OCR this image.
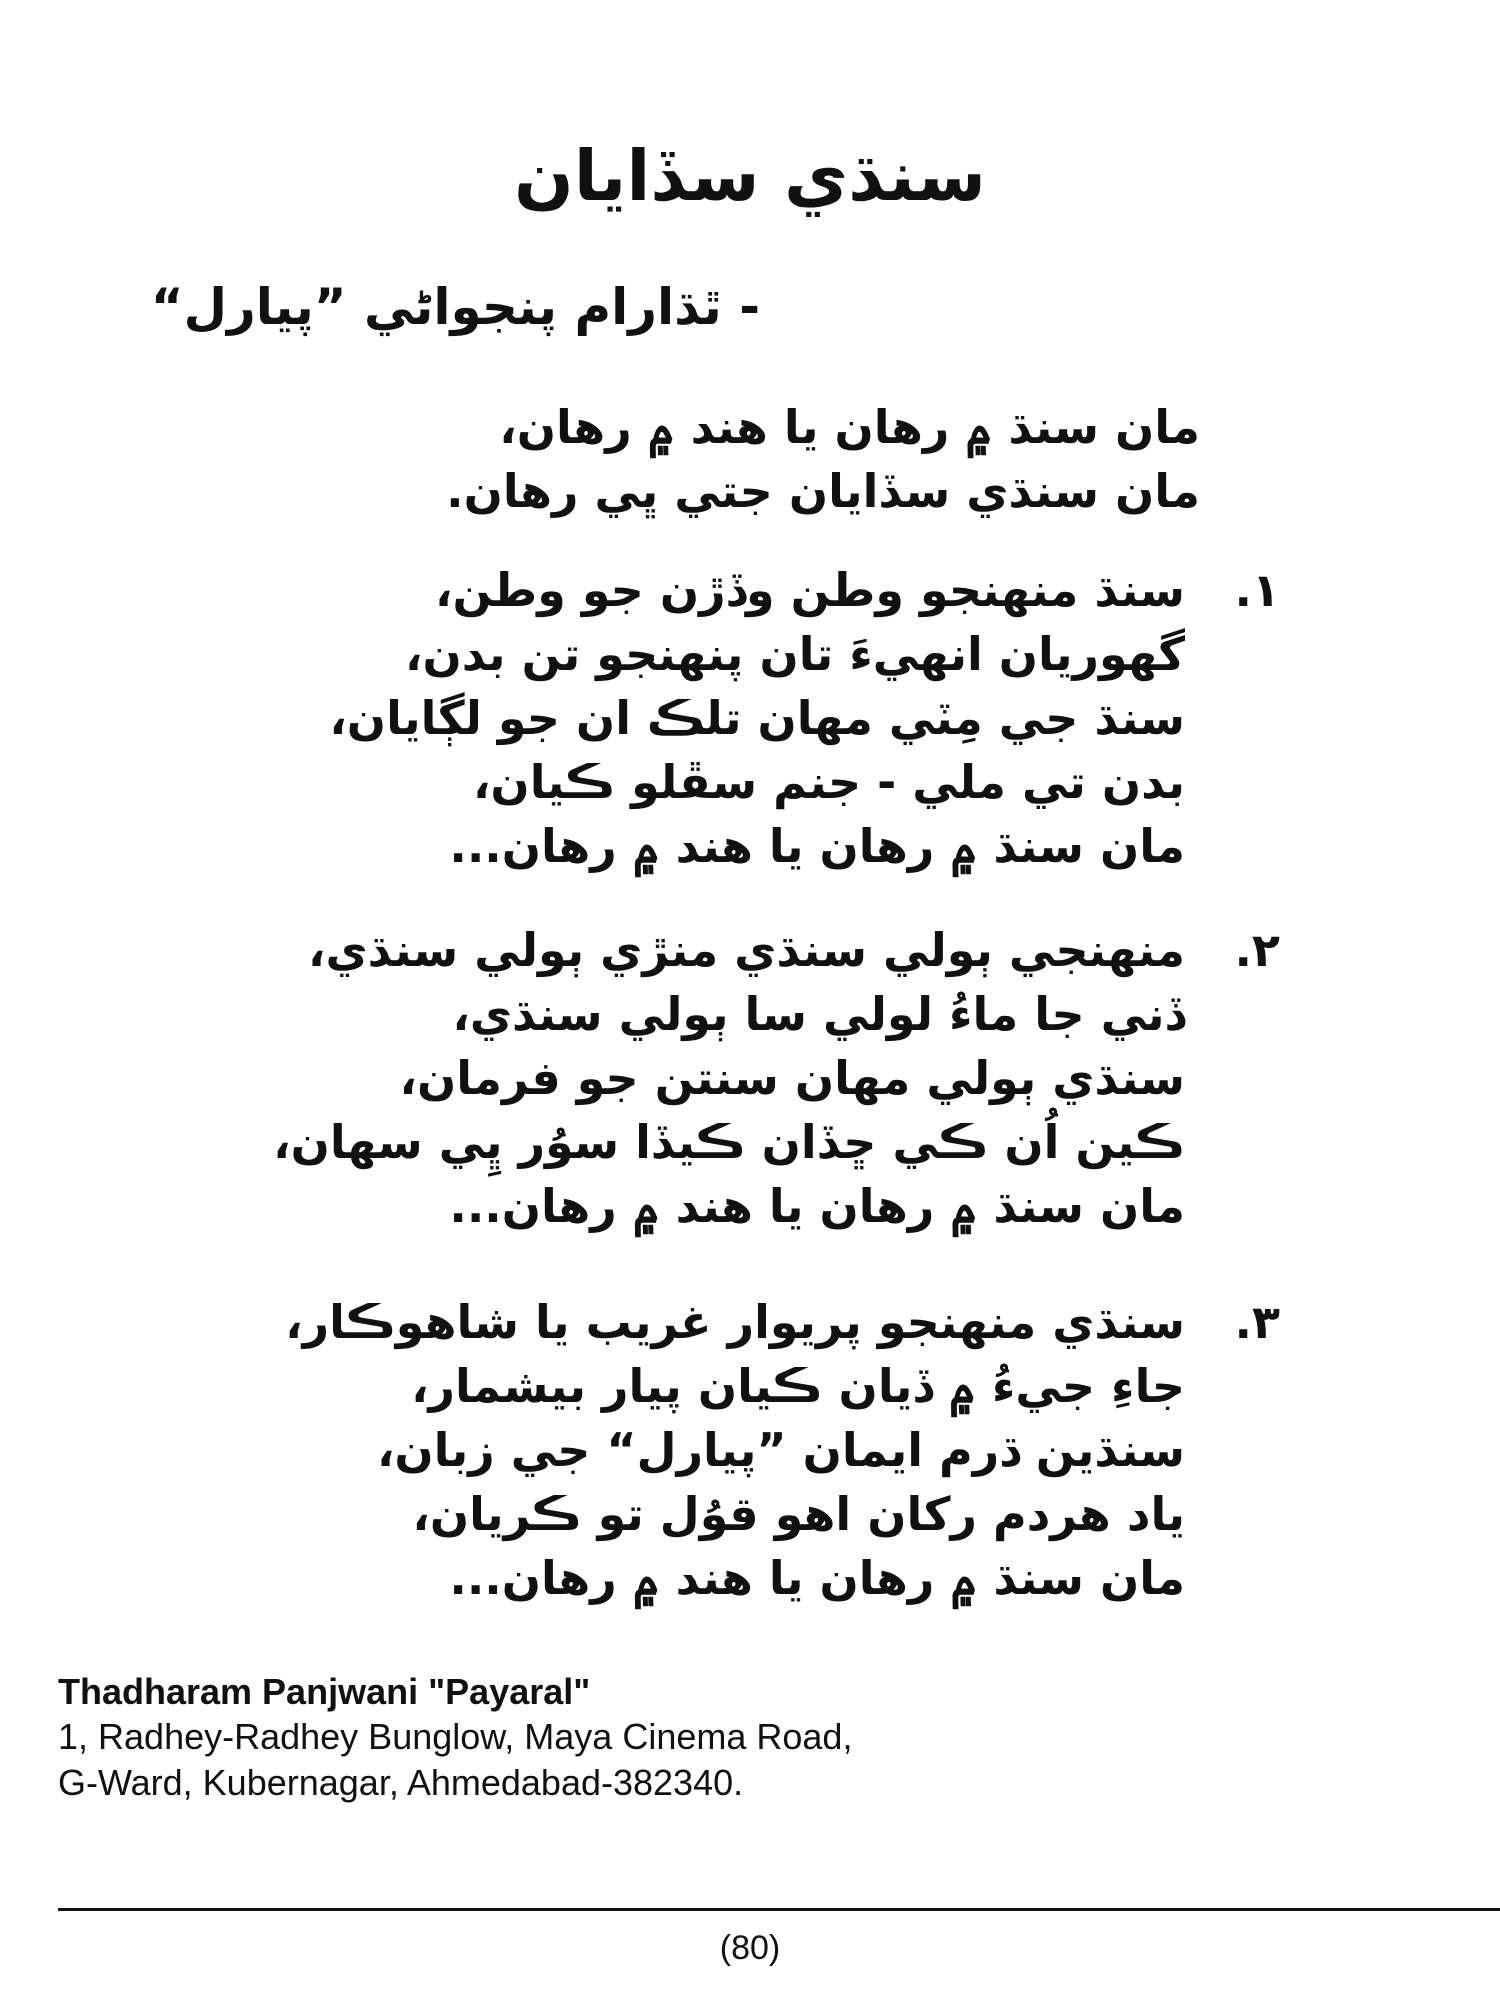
سنڌي سڏايان
- ٿڌارام پنجواڻي ”پيارل“
مان سنڌ ۾ رهان يا هند ۾ رهان،
مان سنڌي سڏايان جتي ڀي رهان.
١.
سنڌ منهنجو وطن وڏڙن جو وطن،
گهوريان انهيءَ تان پنهنجو تن بدن،
سنڌ جي مِٽي مهان تلڪ ان جو لڳايان،
بدن تي ملي - جنم سڦلو ڪيان،
مان سنڌ ۾ رهان يا هند ۾ رهان...
٢.
منهنجي ٻولي سنڌي منڙي ٻولي سنڌي،
ڏني جا ماءُ لولي سا ٻولي سنڌي،
سنڌي ٻولي مهان سنتن جو فرمان،
ڪين اُن ڪي ڇڏان ڪيڏا سوُر ڀِي سهان،
مان سنڌ ۾ رهان يا هند ۾ رهان...
٣.
سنڌي منهنجو پريوار غريب يا شاهوڪار،
جاءِ جيءُ ۾ ڏيان ڪيان پيار بيشمار،
سنڌين ڌرم ايمان ”پيارل“ جي زبان،
ياد هردم رکان اهو قوُل تو ڪريان،
مان سنڌ ۾ رهان يا هند ۾ رهان...
Thadharam Panjwani "Payaral"
1, Radhey-Radhey Bunglow, Maya Cinema Road,
G-Ward, Kubernagar, Ahmedabad-382340.
(80)
